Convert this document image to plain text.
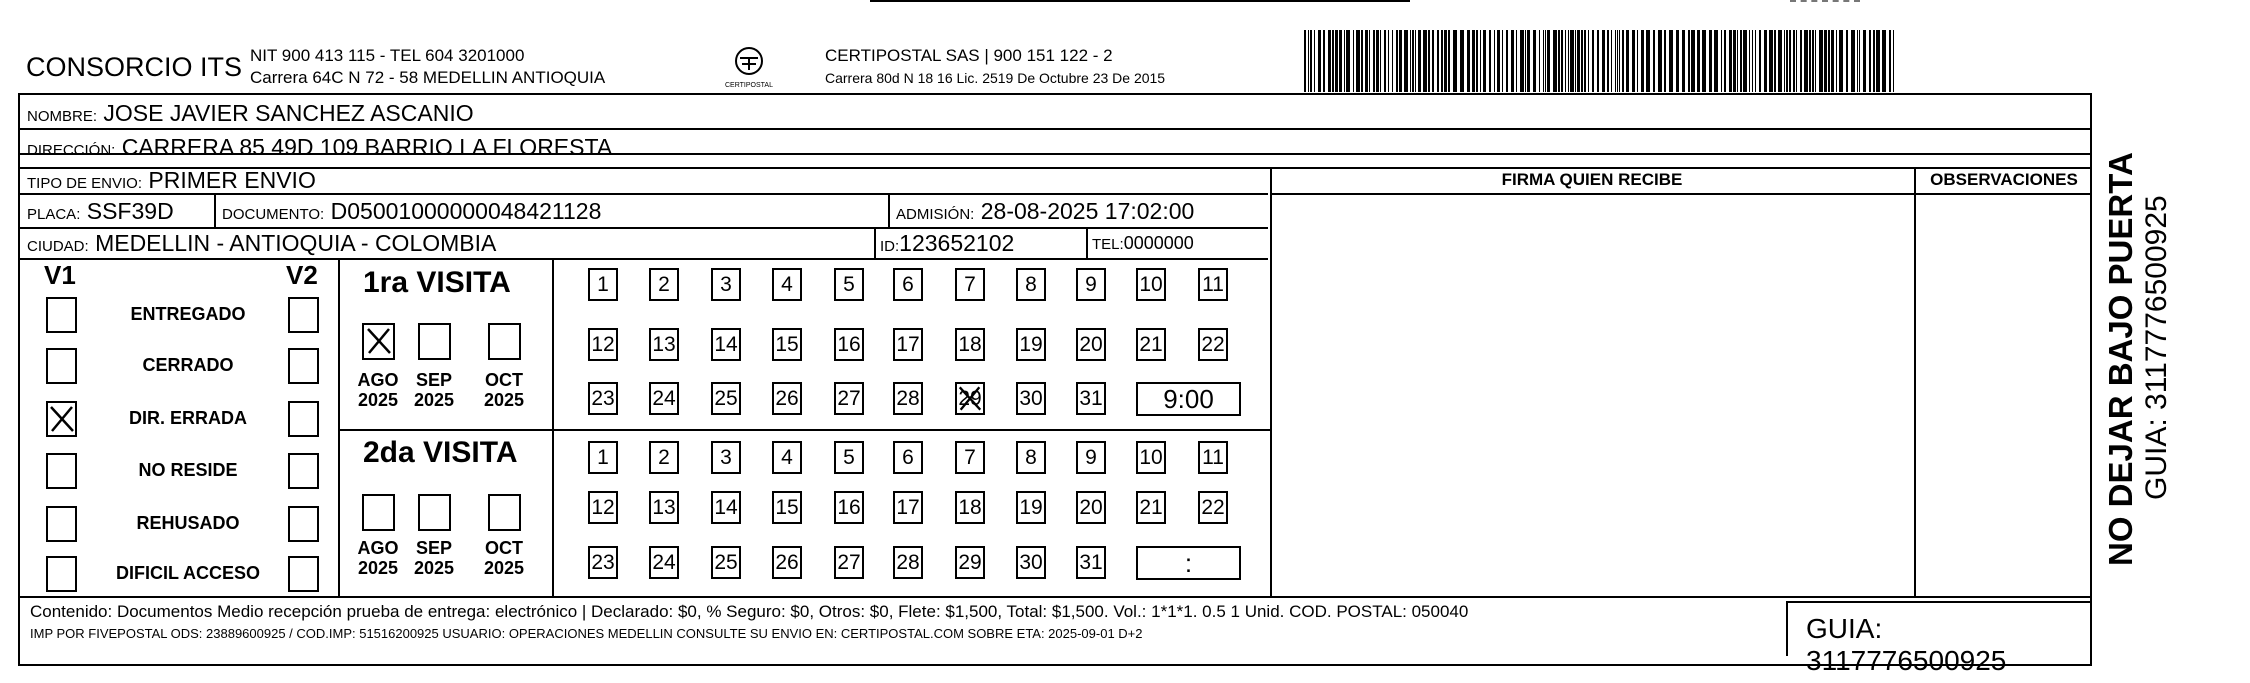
CONSORCIO ITS NIT 900 413 115 - TEL 604 3201000
Carrera 64C N 72 - 58 MEDELLIN ANTIOQUIA	CERTIPOSTAL
CERTIPOSTAL SAS | 900 151 122 - 2
Carrera 80d N 18 16 Lic. 2519 De Octubre 23 De 2015
NOMBRE: JOSE JAVIER SANCHEZ ASCANIO
DIRECCIÓN: CARRERA 85 49D 109 BARRIO LA FLORESTA
TIPO DE ENVIO: PRIMER ENVIO
PLACA: SSF39D	DOCUMENTO: D05001000000048421128	ADMISIÓN: 28-08-2025 17:02:00
CIUDAD: MEDELLIN - ANTIOQUIA - COLOMBIA	ID:123652102	TEL:0000000
FIRMA QUIEN RECIBE	OBSERVACIONES
V1	V2
ENTREGADO
CERRADO
DIR. ERRADA
NO RESIDE
REHUSADO
DIFICIL ACCESO
1ra VISITA
AGO
2025
SEP
2025
OCT
2025
1	2	3	4	5	6	7	8	9	10 11
12 13 14 15 16 17 18 19 20 21 22
23 24 25 26 27 28 29 30 31	9:00
2da VISITA
AGO
2025
SEP
2025
OCT
2025
1	2	3	4	5	6	7	8	9	10 11
12 13 14 15 16 17 18 19 20 21 22
23 24 25 26 27 28 29 30 31	:
Contenido: Documentos Medio recepción prueba de entrega: electrónico | Declarado: $0, % Seguro: $0, Otros: $0, Flete: $1,500, Total: $1,500. Vol.: 1*1*1. 0.5 1 Unid. COD. POSTAL: 050040
IMP POR FIVEPOSTAL ODS: 23889600925 / COD.IMP: 51516200925 USUARIO: OPERACIONES MEDELLIN CONSULTE SU ENVIO EN: CERTIPOSTAL.COM SOBRE ETA: 2025-09-01 D+2	GUIA: 3117776500925
NO DEJAR BAJO PUERTA GUIA: 3117776500925
